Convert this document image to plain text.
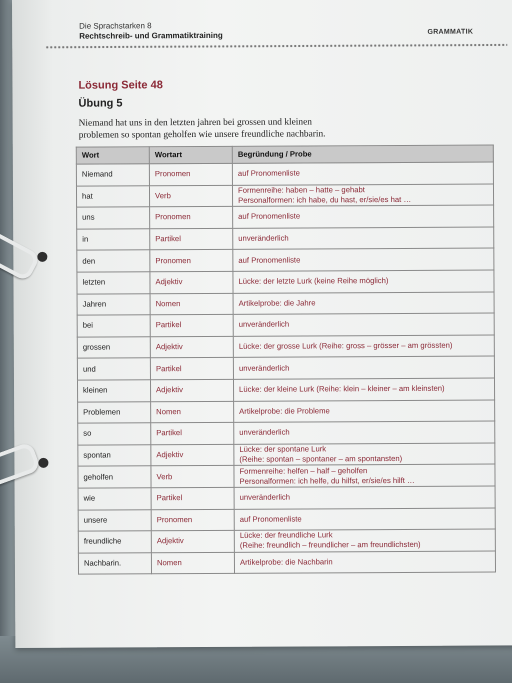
Die Sprachstarken 8
Rechtschreib- und Grammatiktraining	GRAMMATIK
Lösung Seite 48
Übung 5
Niemand hat uns in den letzten jahren bei grossen und kleinen
problemen so spontan geholfen wie unsere freundliche nachbarin.
Wort	Wortart	Begründung / Probe
Niemand	Pronomen	auf Pronomenliste

hat	Verb	Formenreihe: haben – hatte – gehabt
Personalformen: ich habe, du hast, er/sie/es hat …

uns	Pronomen	auf Pronomenliste

in	Partikel	unveränderlich

den	Pronomen	auf Pronomenliste

letzten	Adjektiv	Lücke: der letzte Lurk (keine Reihe möglich)

Jahren	Nomen	Artikelprobe: die Jahre

bei	Partikel	unveränderlich

grossen	Adjektiv	Lücke: der grosse Lurk (Reihe: gross – grösser – am grössten)

und	Partikel	unveränderlich

kleinen	Adjektiv	Lücke: der kleine Lurk (Reihe: klein – kleiner – am kleinsten)

Problemen	Nomen	Artikelprobe: die Probleme

so	Partikel	unveränderlich

spontan	Adjektiv	Lücke: der spontane Lurk
(Reihe: spontan – spontaner – am spontansten)

geholfen	Verb	Formenreihe: helfen – half – geholfen
Personalformen: ich helfe, du hilfst, er/sie/es hilft …

wie	Partikel	unveränderlich

unsere	Pronomen	auf Pronomenliste

freundliche	Adjektiv	Lücke: der freundliche Lurk
(Reihe: freundlich – freundlicher – am freundlichsten)

Nachbarin.	Nomen	Artikelprobe: die Nachbarin
